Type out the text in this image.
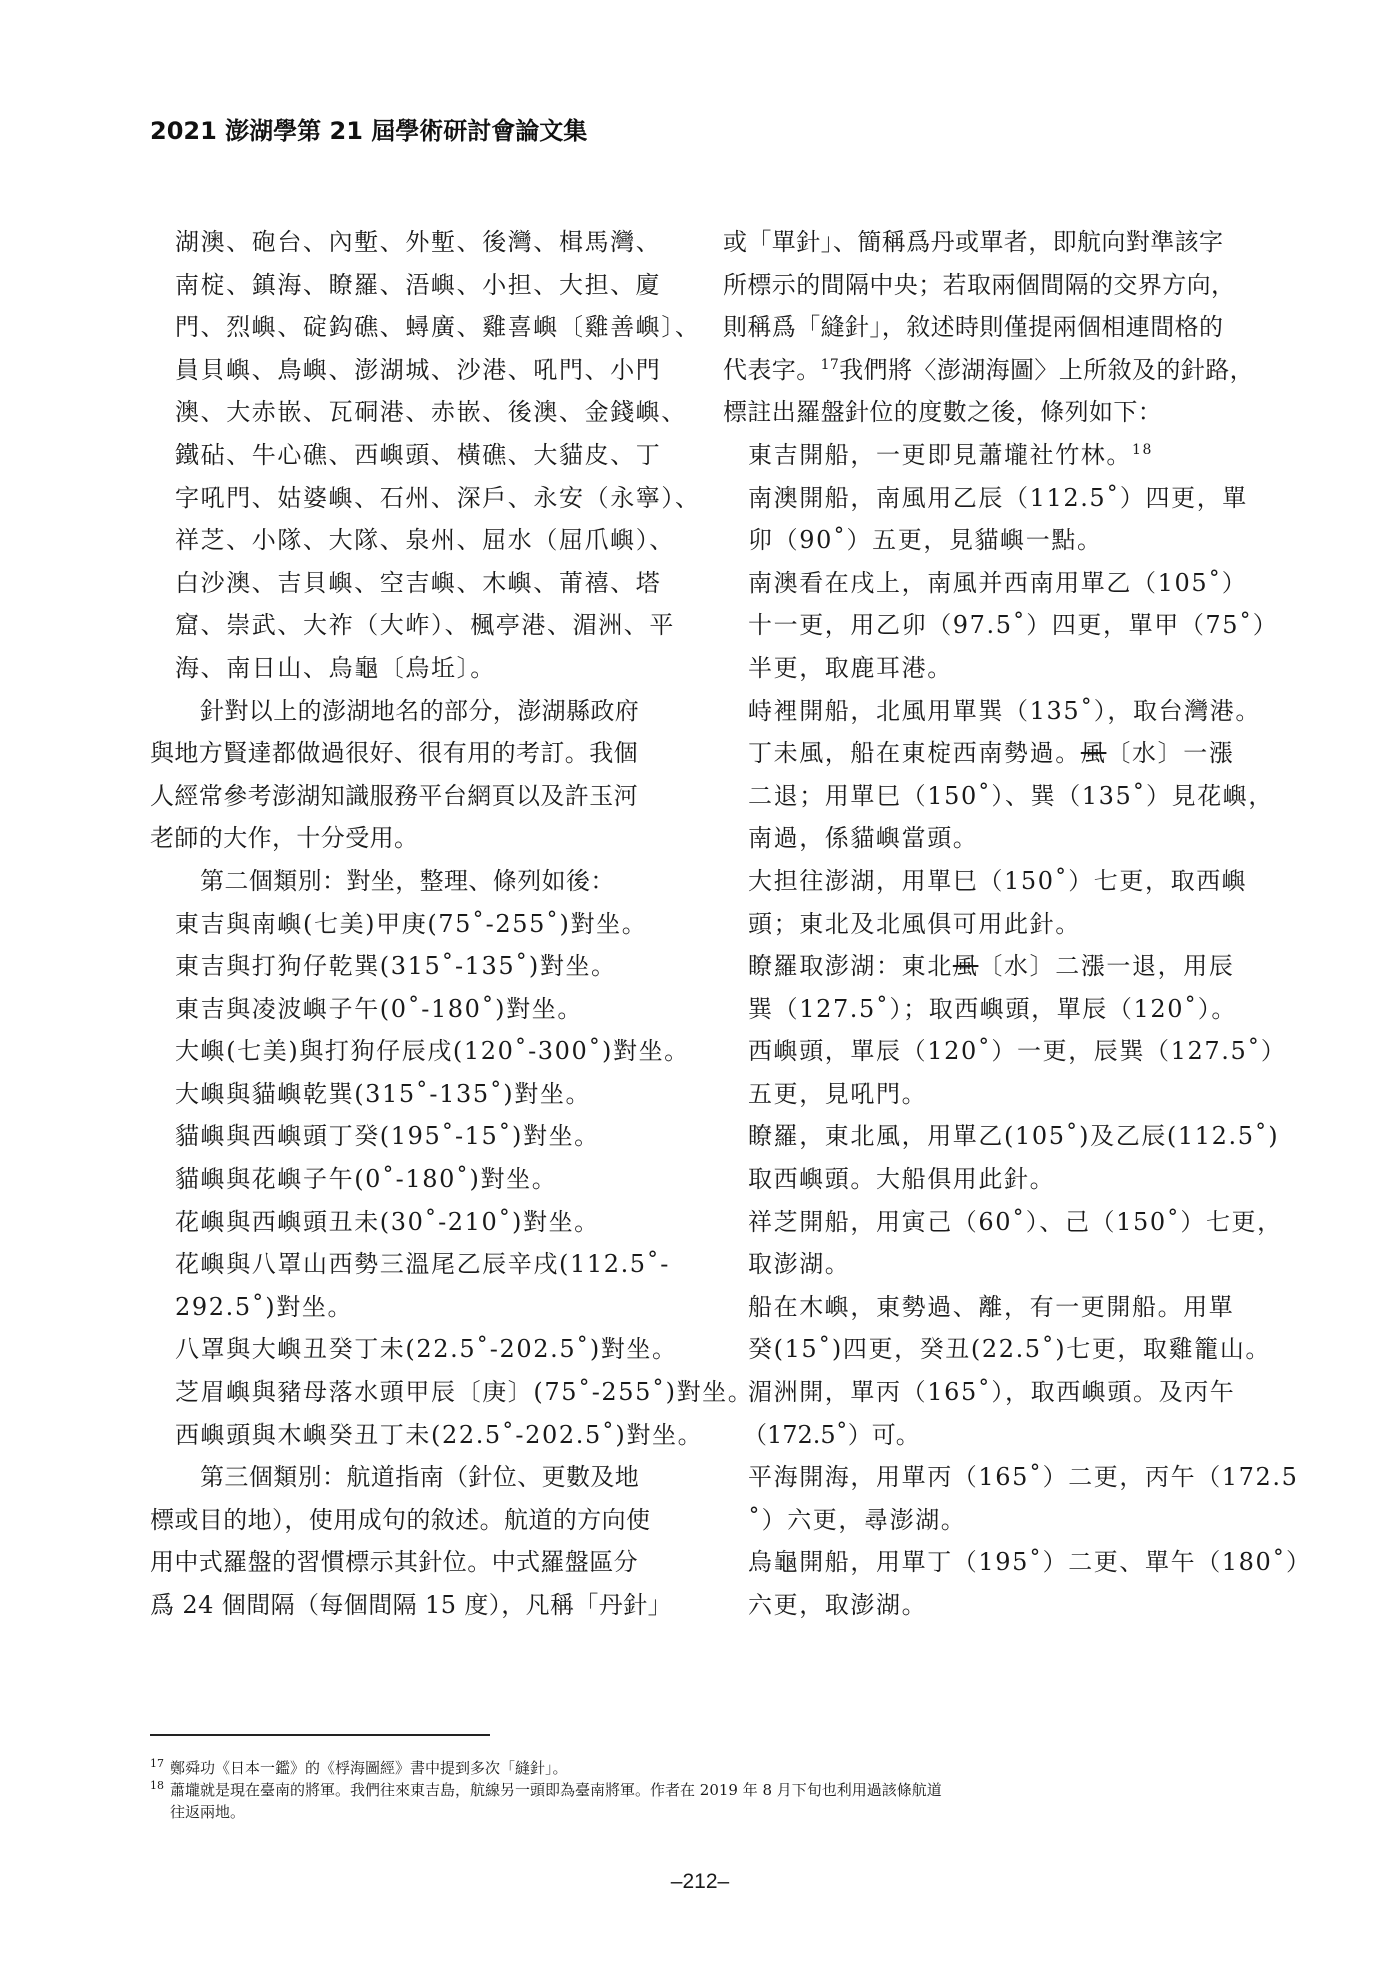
2021 澎湖學第 21 屆學術研討會論文集
湖澳、砲台、內塹、外塹、後灣、楫馬灣、
南椗、鎮海、瞭羅、浯嶼、小担、大担、廈
門、烈嶼、碇鈎礁、蟳廣、雞喜嶼〔雞善嶼〕、
員貝嶼、鳥嶼、澎湖城、沙港、吼門、小門
澳、大赤嵌、瓦硐港、赤嵌、後澳、金錢嶼、
鐵砧、牛心礁、西嶼頭、橫礁、大貓皮、丁
字吼門、姑婆嶼、石州、深戶、永安（永寧）、
祥芝、小隊、大隊、泉州、屈水（屈爪嶼）、
白沙澳、吉貝嶼、空吉嶼、木嶼、莆禧、塔
窟、崇武、大祚（大岞）、楓亭港、湄洲、平
海、南日山、烏龜〔烏坵〕。
針對以上的澎湖地名的部分，澎湖縣政府
與地方賢達都做過很好、很有用的考訂。我個
人經常參考澎湖知識服務平台網頁以及許玉河
老師的大作，十分受用。
第二個類別：對坐，整理、條列如後：
東吉與南嶼(七美)甲庚(75˚-255˚)對坐。
東吉與打狗仔乾巽(315˚-135˚)對坐。
東吉與凌波嶼子午(0˚-180˚)對坐。
大嶼(七美)與打狗仔辰戌(120˚-300˚)對坐。
大嶼與貓嶼乾巽(315˚-135˚)對坐。
貓嶼與西嶼頭丁癸(195˚-15˚)對坐。
貓嶼與花嶼子午(0˚-180˚)對坐。
花嶼與西嶼頭丑未(30˚-210˚)對坐。
花嶼與八罩山西勢三溫尾乙辰辛戌(112.5˚-
292.5˚)對坐。
八罩與大嶼丑癸丁未(22.5˚-202.5˚)對坐。
芝眉嶼與豬母落水頭甲辰〔庚〕(75˚-255˚)對坐。
西嶼頭與木嶼癸丑丁未(22.5˚-202.5˚)對坐。
第三個類別：航道指南（針位、更數及地
標或目的地），使用成句的敘述。航道的方向使
用中式羅盤的習慣標示其針位。中式羅盤區分
爲 24 個間隔（每個間隔 15 度），凡稱「丹針」
或「單針」、簡稱爲丹或單者，即航向對準該字
所標示的間隔中央；若取兩個間隔的交界方向，
則稱爲「縫針」，敘述時則僅提兩個相連間格的
代表字。$^{17}$我們將〈澎湖海圖〉上所敘及的針路，
標註出羅盤針位的度數之後，條列如下：
東吉開船，一更即見蕭壠社竹林。$^{18}$
南澳開船，南風用乙辰（112.5˚）四更，單
卯（90˚）五更，見貓嶼一點。
南澳看在戌上，南風并西南用單乙（105˚）
十一更，用乙卯（97.5˚）四更，單甲（75˚）
半更，取鹿耳港。
峙裡開船，北風用單巽（135˚），取台灣港。
丁未風，船在東椗西南勢過。風〔水〕一漲
二退；用單巳（150˚）、巽（135˚）見花嶼，
南過，係貓嶼當頭。
大担往澎湖，用單巳（150˚）七更，取西嶼
頭；東北及北風俱可用此針。
瞭羅取澎湖：東北風〔水〕二漲一退，用辰
巽（127.5˚）；取西嶼頭，單辰（120˚）。
西嶼頭，單辰（120˚）一更，辰巽（127.5˚）
五更，見吼門。
瞭羅，東北風，用單乙(105˚)及乙辰(112.5˚)
取西嶼頭。大船俱用此針。
祥芝開船，用寅己（60˚）、己（150˚）七更，
取澎湖。
船在木嶼，東勢過、離，有一更開船。用單
癸(15˚)四更，癸丑(22.5˚)七更，取雞籠山。
湄洲開，單丙（165˚），取西嶼頭。及丙午
（172.5˚）可。
平海開海，用單丙（165˚）二更，丙午（172.5
˚）六更，尋澎湖。
烏龜開船，用單丁（195˚）二更、單午（180˚）
六更，取澎湖。
17 鄭舜功《日本一鑑》的《桴海圖經》書中提到多次「縫針」。
18 蕭壠就是現在臺南的將軍。我們往來東吉島，航線另一頭即為臺南將軍。作者在 2019 年 8 月下旬也利用過該條航道
往返兩地。
–212–
